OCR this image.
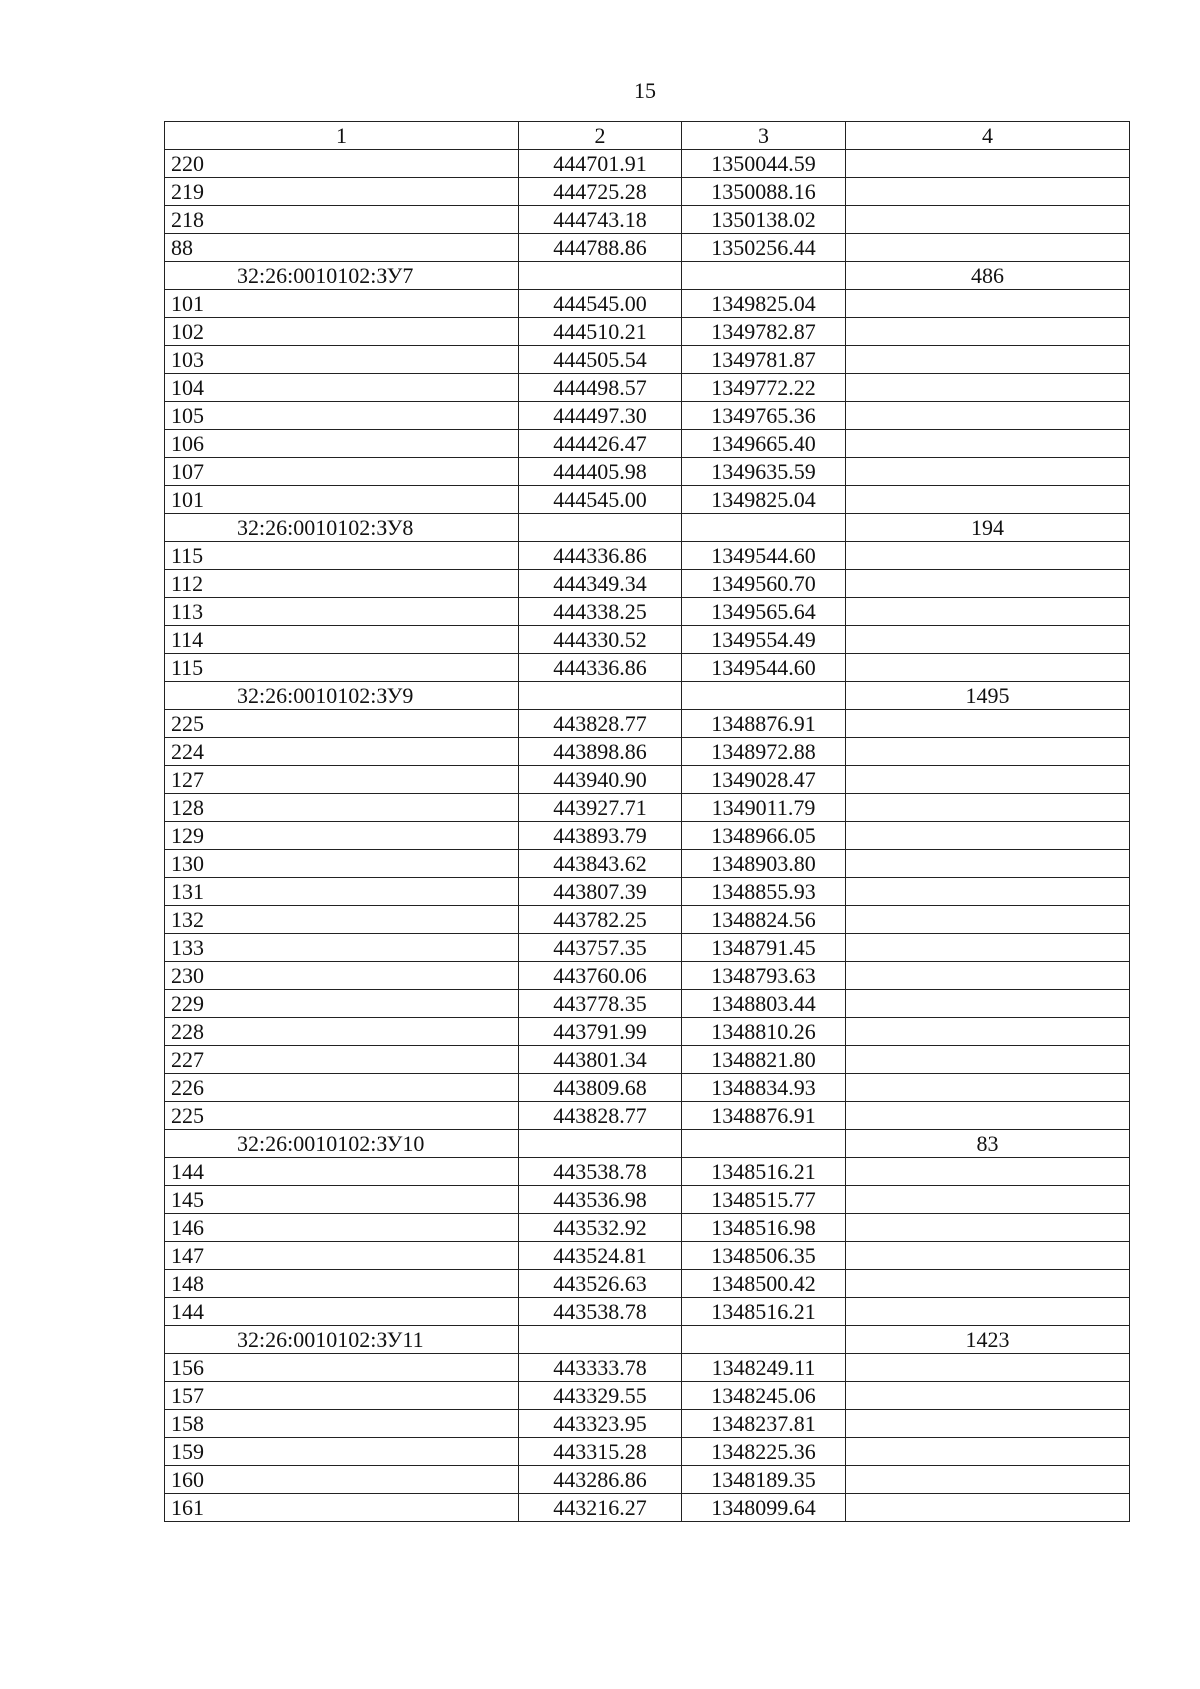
15
1	2	3	4
220	444701.91	1350044.59	
219	444725.28	1350088.16	
218	444743.18	1350138.02	
88	444788.86	1350256.44	
32:26:0010102:ЗУ7			486
101	444545.00	1349825.04	
102	444510.21	1349782.87	
103	444505.54	1349781.87	
104	444498.57	1349772.22	
105	444497.30	1349765.36	
106	444426.47	1349665.40	
107	444405.98	1349635.59	
101	444545.00	1349825.04	
32:26:0010102:ЗУ8			194
115	444336.86	1349544.60	
112	444349.34	1349560.70	
113	444338.25	1349565.64	
114	444330.52	1349554.49	
115	444336.86	1349544.60	
32:26:0010102:ЗУ9			1495
225	443828.77	1348876.91	
224	443898.86	1348972.88	
127	443940.90	1349028.47	
128	443927.71	1349011.79	
129	443893.79	1348966.05	
130	443843.62	1348903.80	
131	443807.39	1348855.93	
132	443782.25	1348824.56	
133	443757.35	1348791.45	
230	443760.06	1348793.63	
229	443778.35	1348803.44	
228	443791.99	1348810.26	
227	443801.34	1348821.80	
226	443809.68	1348834.93	
225	443828.77	1348876.91	
32:26:0010102:ЗУ10			83
144	443538.78	1348516.21	
145	443536.98	1348515.77	
146	443532.92	1348516.98	
147	443524.81	1348506.35	
148	443526.63	1348500.42	
144	443538.78	1348516.21	
32:26:0010102:ЗУ11			1423
156	443333.78	1348249.11	
157	443329.55	1348245.06	
158	443323.95	1348237.81	
159	443315.28	1348225.36	
160	443286.86	1348189.35	
161	443216.27	1348099.64	
